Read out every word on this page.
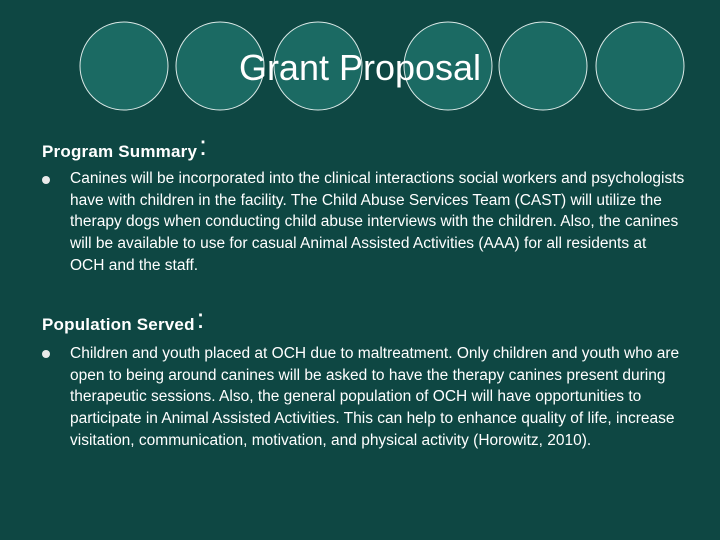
Grant Proposal
Program Summary:
Canines will be incorporated into the clinical interactions social workers and psychologists have with children in the facility. The Child Abuse Services Team (CAST) will utilize the therapy dogs when conducting child abuse interviews with the children. Also, the canines will be available to use for casual Animal Assisted Activities (AAA) for all residents at OCH and the staff.
Population Served:
Children and youth placed at OCH due to maltreatment. Only children and youth who are open to being around canines will be asked to have the therapy canines present during therapeutic sessions. Also, the general population of OCH will have opportunities to participate in Animal Assisted Activities. This can help to enhance quality of life, increase visitation, communication, motivation, and physical activity (Horowitz, 2010).
